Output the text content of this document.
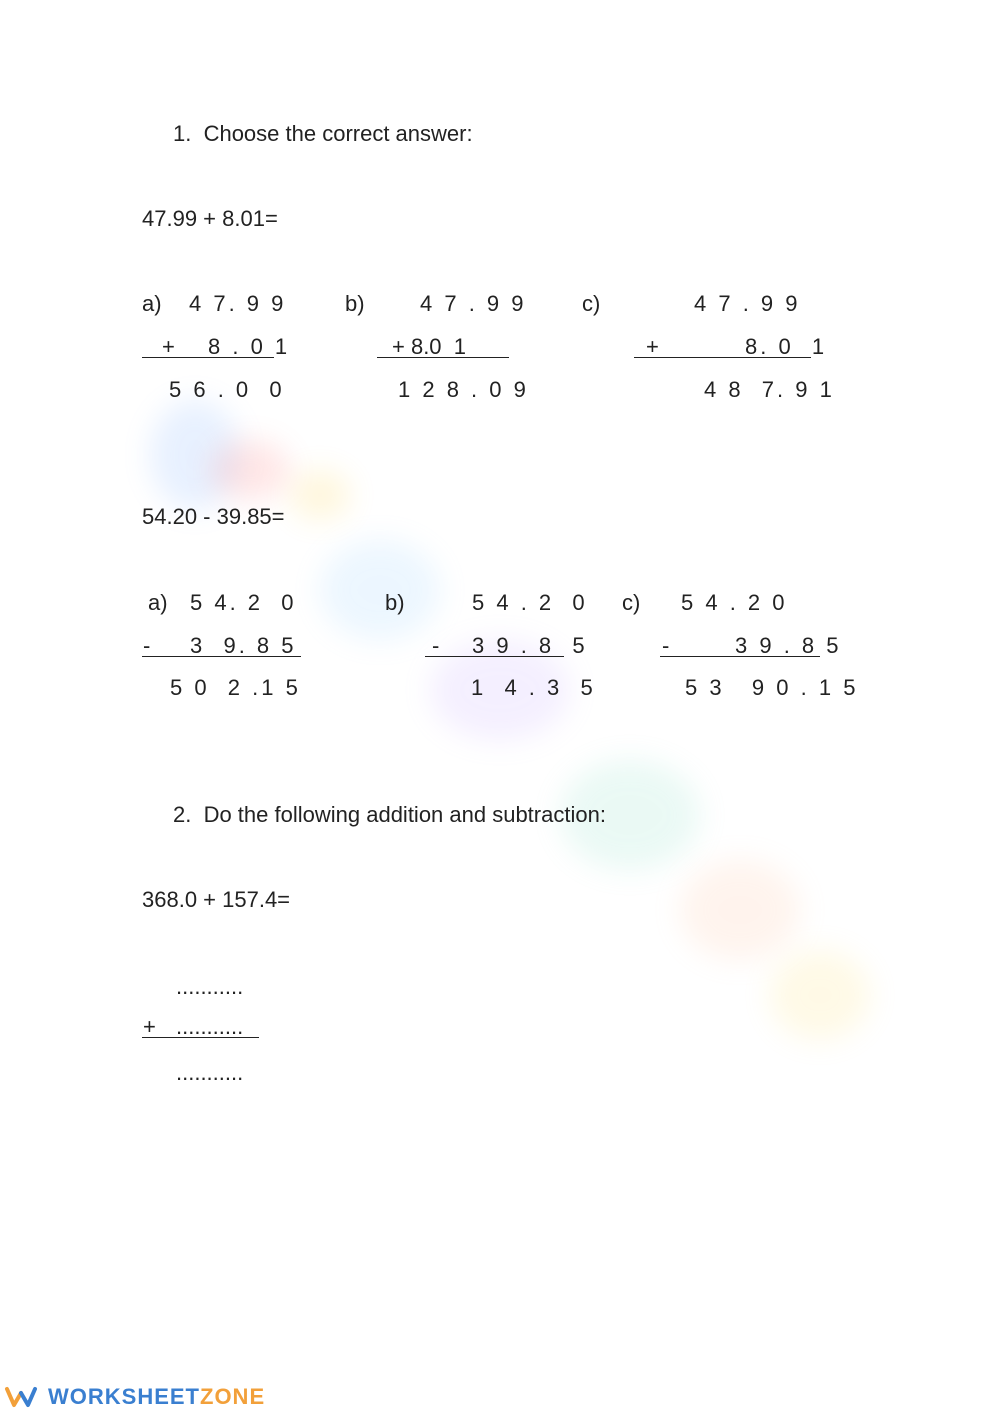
1.  Choose the correct answer:
47.99 + 8.01=
a) 4 7. 9 9
+ 8 . 0 1
5 6 . 0  0
b)	4 7 . 9 9
+ 8.0  1
1 2 8 . 0 9
c)	4 7 . 9 9
+	8. 0  1
4 8  7. 9 1
54.20 - 39.85=
a) 5 4. 2  0
- 3  9. 8 5
5 0  2 .1 5
b)	5 4 . 2  0
- 3 9 . 8  5
1  4 . 3  5
c) 5 4 . 2 0
-	3 9 . 8 5
5 3   9 0 . 1 5
2.  Do the following addition and subtraction:
368.0 + 157.4=
...........
+ ...........
...........
WORKSHEETZONE
